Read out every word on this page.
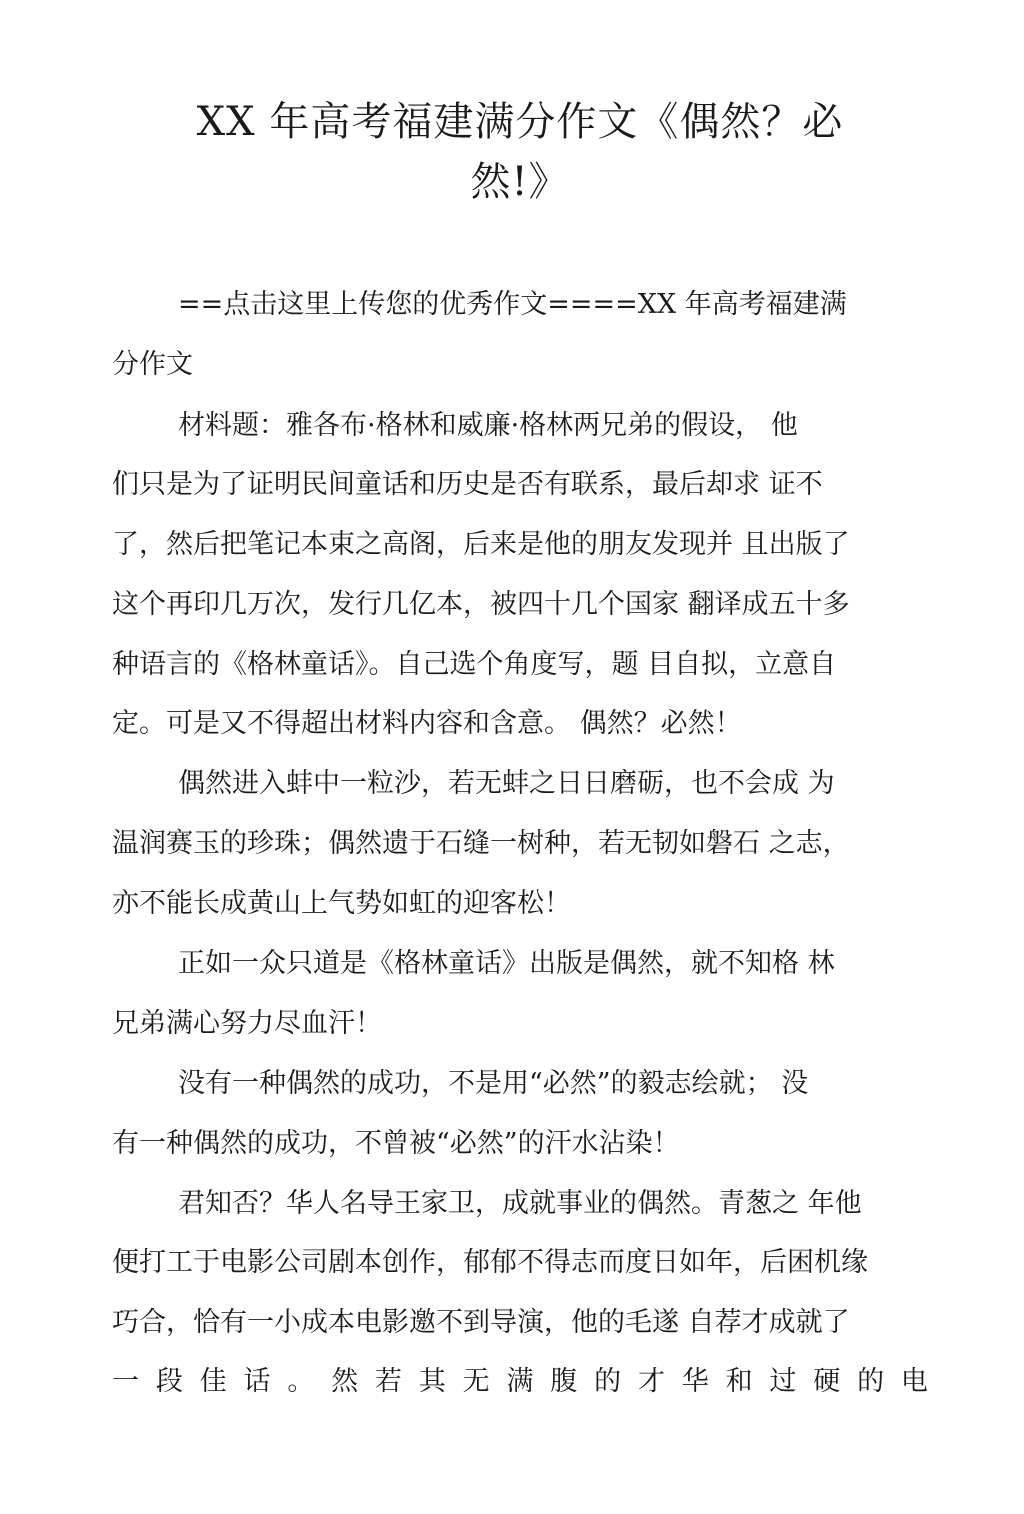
XX 年高考福建满分作文《偶然？必
然!》
==点击这里上传您的优秀作文====XX 年高考福建满
分作文
材料题：雅各布·格林和威廉·格林两兄弟的假设， 他
们只是为了证明民间童话和历史是否有联系，最后却求 证不
了，然后把笔记本束之高阁，后来是他的朋友发现并 且出版了
这个再印几万次，发行几亿本，被四十几个国家 翻译成五十多
种语言的《格林童话》。自己选个角度写，题 目自拟，立意自
定。可是又不得超出材料内容和含意。 偶然？必然！
偶然进入蚌中一粒沙，若无蚌之日日磨砺，也不会成 为
温润赛玉的珍珠；偶然遗于石缝一树种，若无韧如磐石 之志，
亦不能长成黄山上气势如虹的迎客松！
正如一众只道是《格林童话》出版是偶然，就不知格 林
兄弟满心努力尽血汗！
没有一种偶然的成功，不是用“必然”的毅志绘就； 没
有一种偶然的成功，不曾被“必然”的汗水沾染！
君知否？华人名导王家卫，成就事业的偶然。青葱之 年他
便打工于电影公司剧本创作，郁郁不得志而度日如年，后困机缘
巧合，恰有一小成本电影邀不到导演，他的毛遂 自荐才成就了
一 段 佳 话 。 然 若 其 无 满 腹 的 才 华 和 过 硬 的 电
